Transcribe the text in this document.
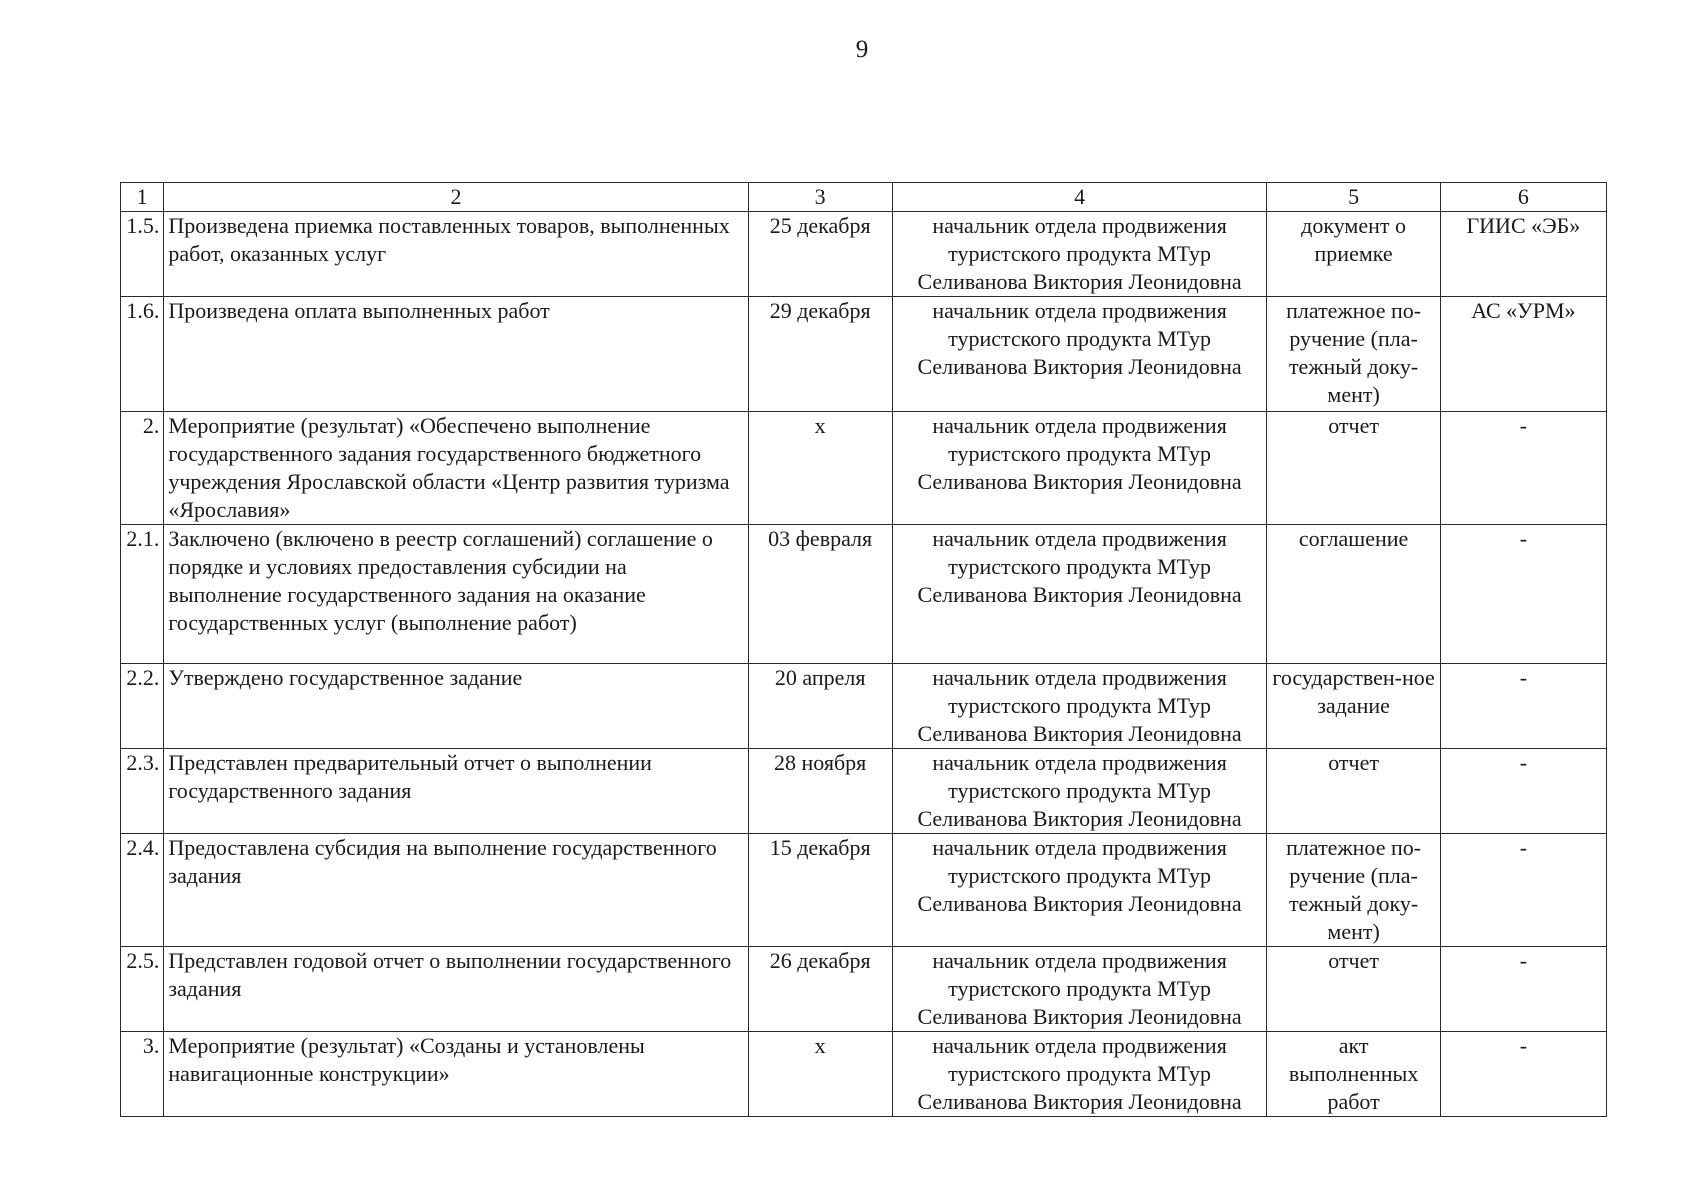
9
1	2	3	4	5	6
1.5.	Произведена приемка поставленных товаров, выполненных работ, оказанных услуг	25 декабря	начальник отдела продвижения туристского продукта МТур Селиванова Виктория Леонидовна	документ о приемке	ГИИС «ЭБ»
1.6.	Произведена оплата выполненных работ	29 декабря	начальник отдела продвижения туристского продукта МТур Селиванова Виктория Леонидовна	платежное по-ручение (пла-тежный доку-мент)	АС «УРМ»
2.	Мероприятие (результат) «Обеспечено выполнение государственного задания государственного бюджетного учреждения Ярославской области «Центр развития туризма «Ярославия»	х	начальник отдела продвижения туристского продукта МТур Селиванова Виктория Леонидовна	отчет	-
2.1.	Заключено (включено в реестр соглашений) соглашение о порядке и условиях предоставления субсидии на выполнение государственного задания на оказание государственных услуг (выполнение работ)	03 февраля	начальник отдела продвижения туристского продукта МТур Селиванова Виктория Леонидовна	соглашение	-
2.2.	Утверждено государственное задание	20 апреля	начальник отдела продвижения туристского продукта МТур Селиванова Виктория Леонидовна	государствен-ное задание	-
2.3.	Представлен предварительный отчет о выполнении государственного задания	28 ноября	начальник отдела продвижения туристского продукта МТур Селиванова Виктория Леонидовна	отчет	-
2.4.	Предоставлена субсидия на выполнение государственного задания	15 декабря	начальник отдела продвижения туристского продукта МТур Селиванова Виктория Леонидовна	платежное по-ручение (пла-тежный доку-мент)	-
2.5.	Представлен годовой отчет о выполнении государственного задания	26 декабря	начальник отдела продвижения туристского продукта МТур Селиванова Виктория Леонидовна	отчет	-
3.	Мероприятие (результат) «Созданы и установлены навигационные конструкции»	х	начальник отдела продвижения туристского продукта МТур Селиванова Виктория Леонидовна	акт выполненных работ	-
